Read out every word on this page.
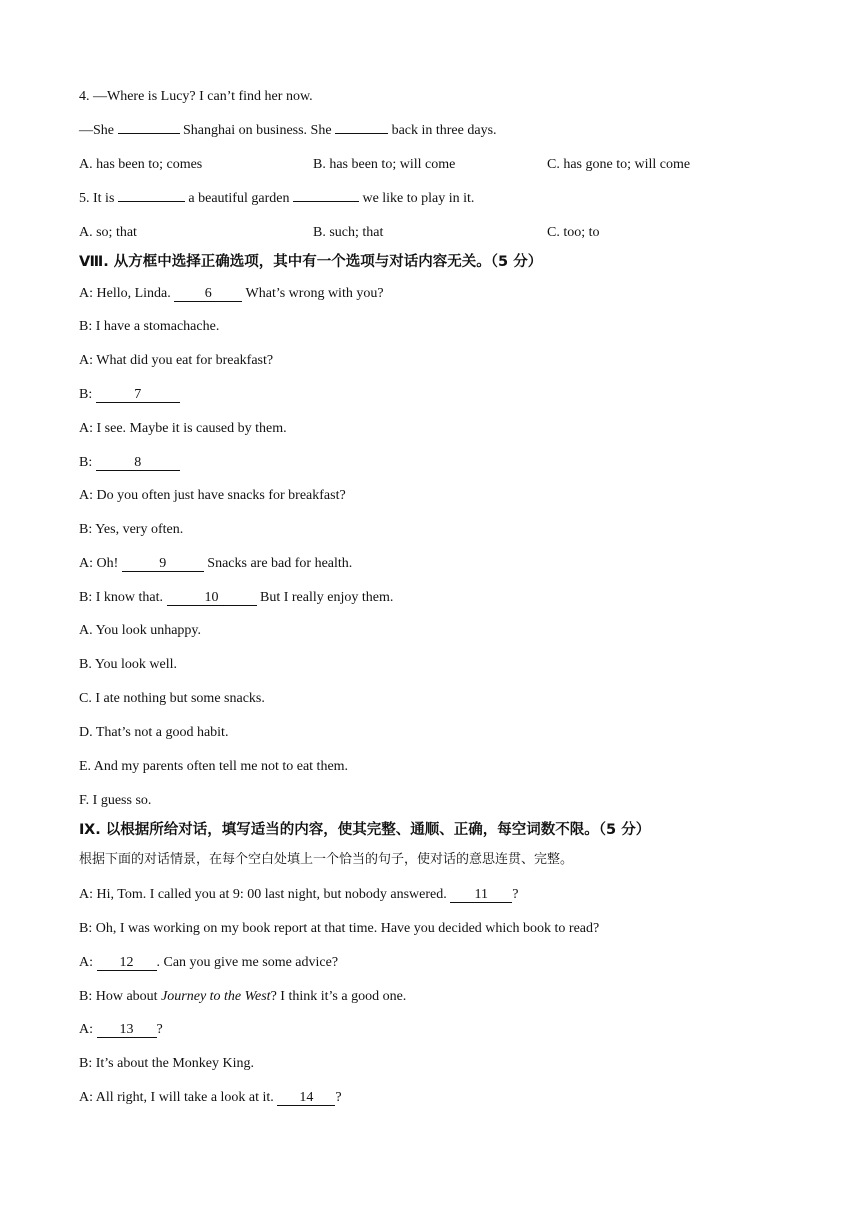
4. —Where is Lucy? I can’t find her now.
—She	Shanghai on business. She	back in three days.
A. has been to; comes	B. has been to; will come	C. has gone to; will come
5. It is	a beautiful garden	we like to play in it.
A. so; that	B. such; that	C. too; to
Ⅷ. 从方框中选择正确选项，其中有一个选项与对话内容无关。（5 分）
A: Hello, Linda. 6 What’s wrong with you?
B: I have a stomachache.
A: What did you eat for breakfast?
B:	7
A: I see. Maybe it is caused by them.
B:	8
A: Do you often just have snacks for breakfast?
B: Yes, very often.
A: Oh!	9	Snacks are bad for health.
B: I know that.	10	But I really enjoy them.
A. You look unhappy.
B. You look well.
C. I ate nothing but some snacks.
D. That’s not a good habit.
E. And my parents often tell me not to eat them.
F. I guess so.
Ⅸ. 以根据所给对话，填写适当的内容，使其完整、通顺、正确，每空词数不限。（5 分）
根据下面的对话情景，在每个空白处填上一个恰当的句子，使对话的意思连贯、完整。
A: Hi, Tom. I called you at 9: 00 last night, but nobody answered. 11 ?
B: Oh, I was working on my book report at that time. Have you decided which book to read?
A: 12 . Can you give me some advice?
B: How about Journey to the West? I think it’s a good one.
A: 13 ?
B: It’s about the Monkey King.
A: All right, I will take a look at it. 14 ?
